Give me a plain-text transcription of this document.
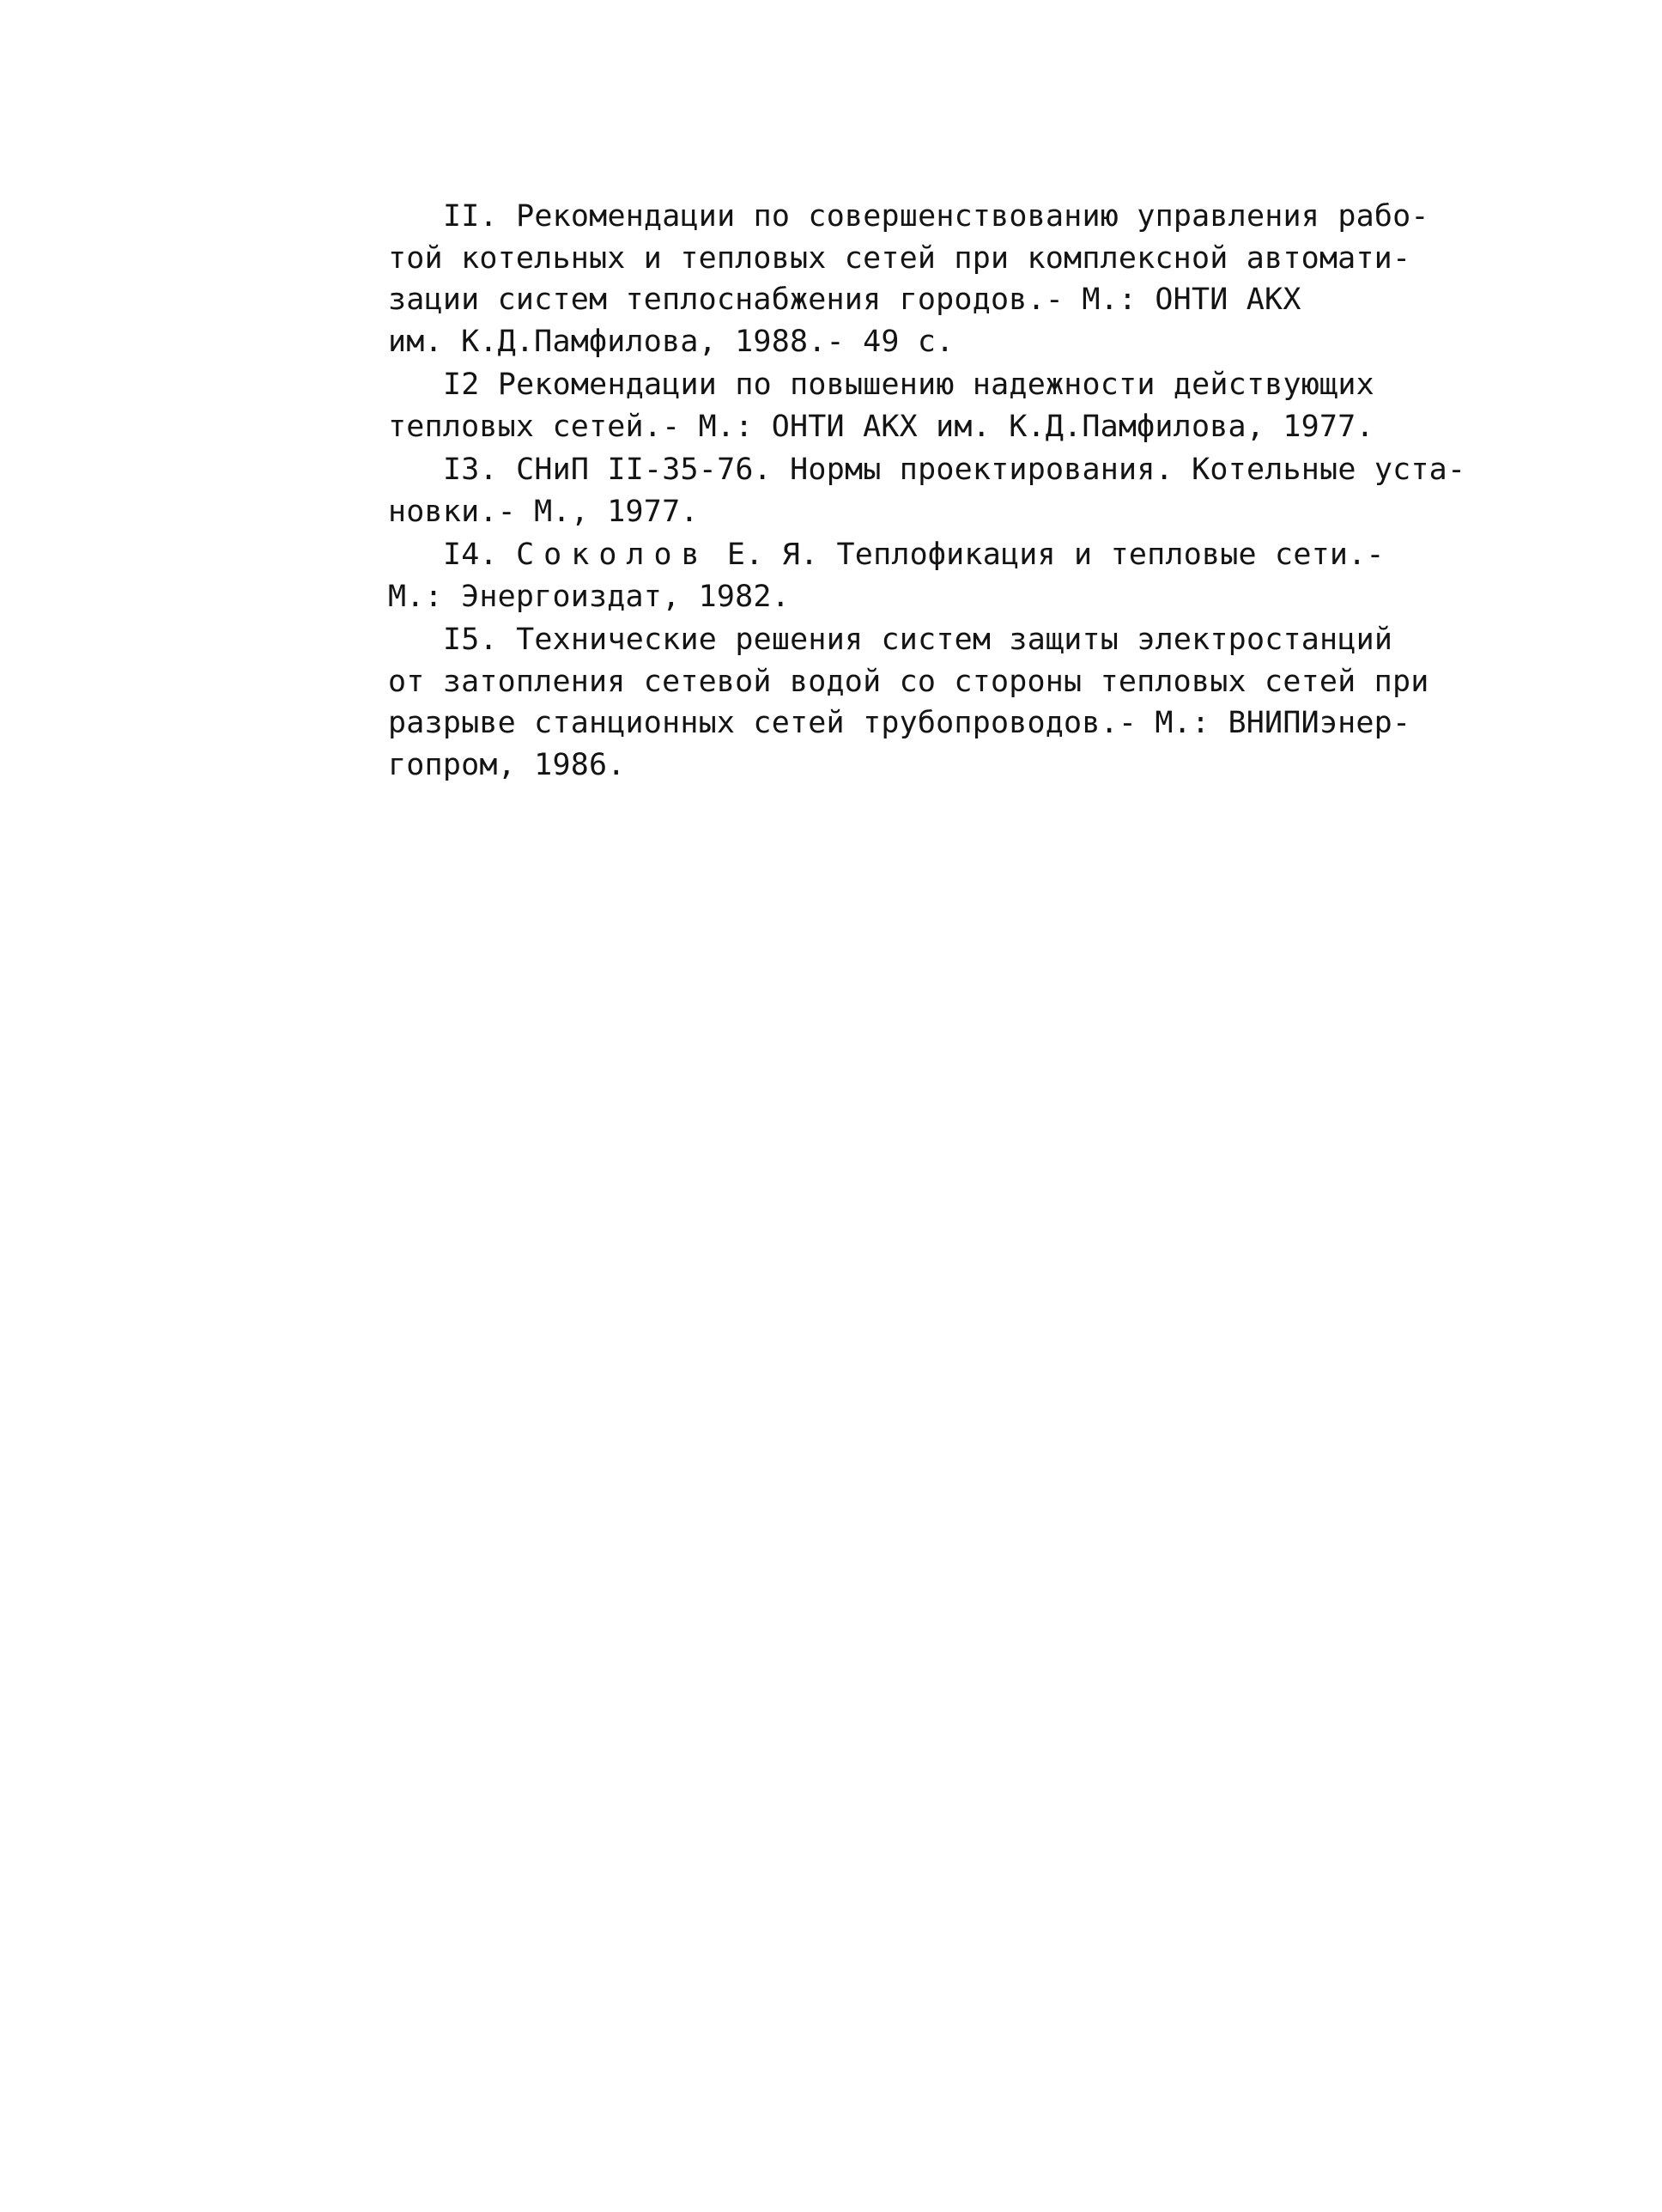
II. Рекомендации по совершенствованию управления рабо-
той котельных и тепловых сетей при комплексной автомати-
зации систем теплоснабжения городов.- М.: ОНТИ АКХ
им. К.Д.Памфилова, 1988.- 49 с.
I2 Рекомендации по повышению надежности действующих
тепловых сетей.- М.: ОНТИ АКХ им. К.Д.Памфилова, 1977.
I3. СНиП II-35-76. Нормы проектирования. Котельные уста-
новки.- М., 1977.
I4. Соколов Е. Я. Теплофикация и тепловые сети.-
М.: Энергоиздат, 1982.
I5. Технические решения систем защиты электростанций
от затопления сетевой водой со стороны тепловых сетей при
разрыве станционных сетей трубопроводов.- М.: ВНИПИэнер-
гопром, 1986.
